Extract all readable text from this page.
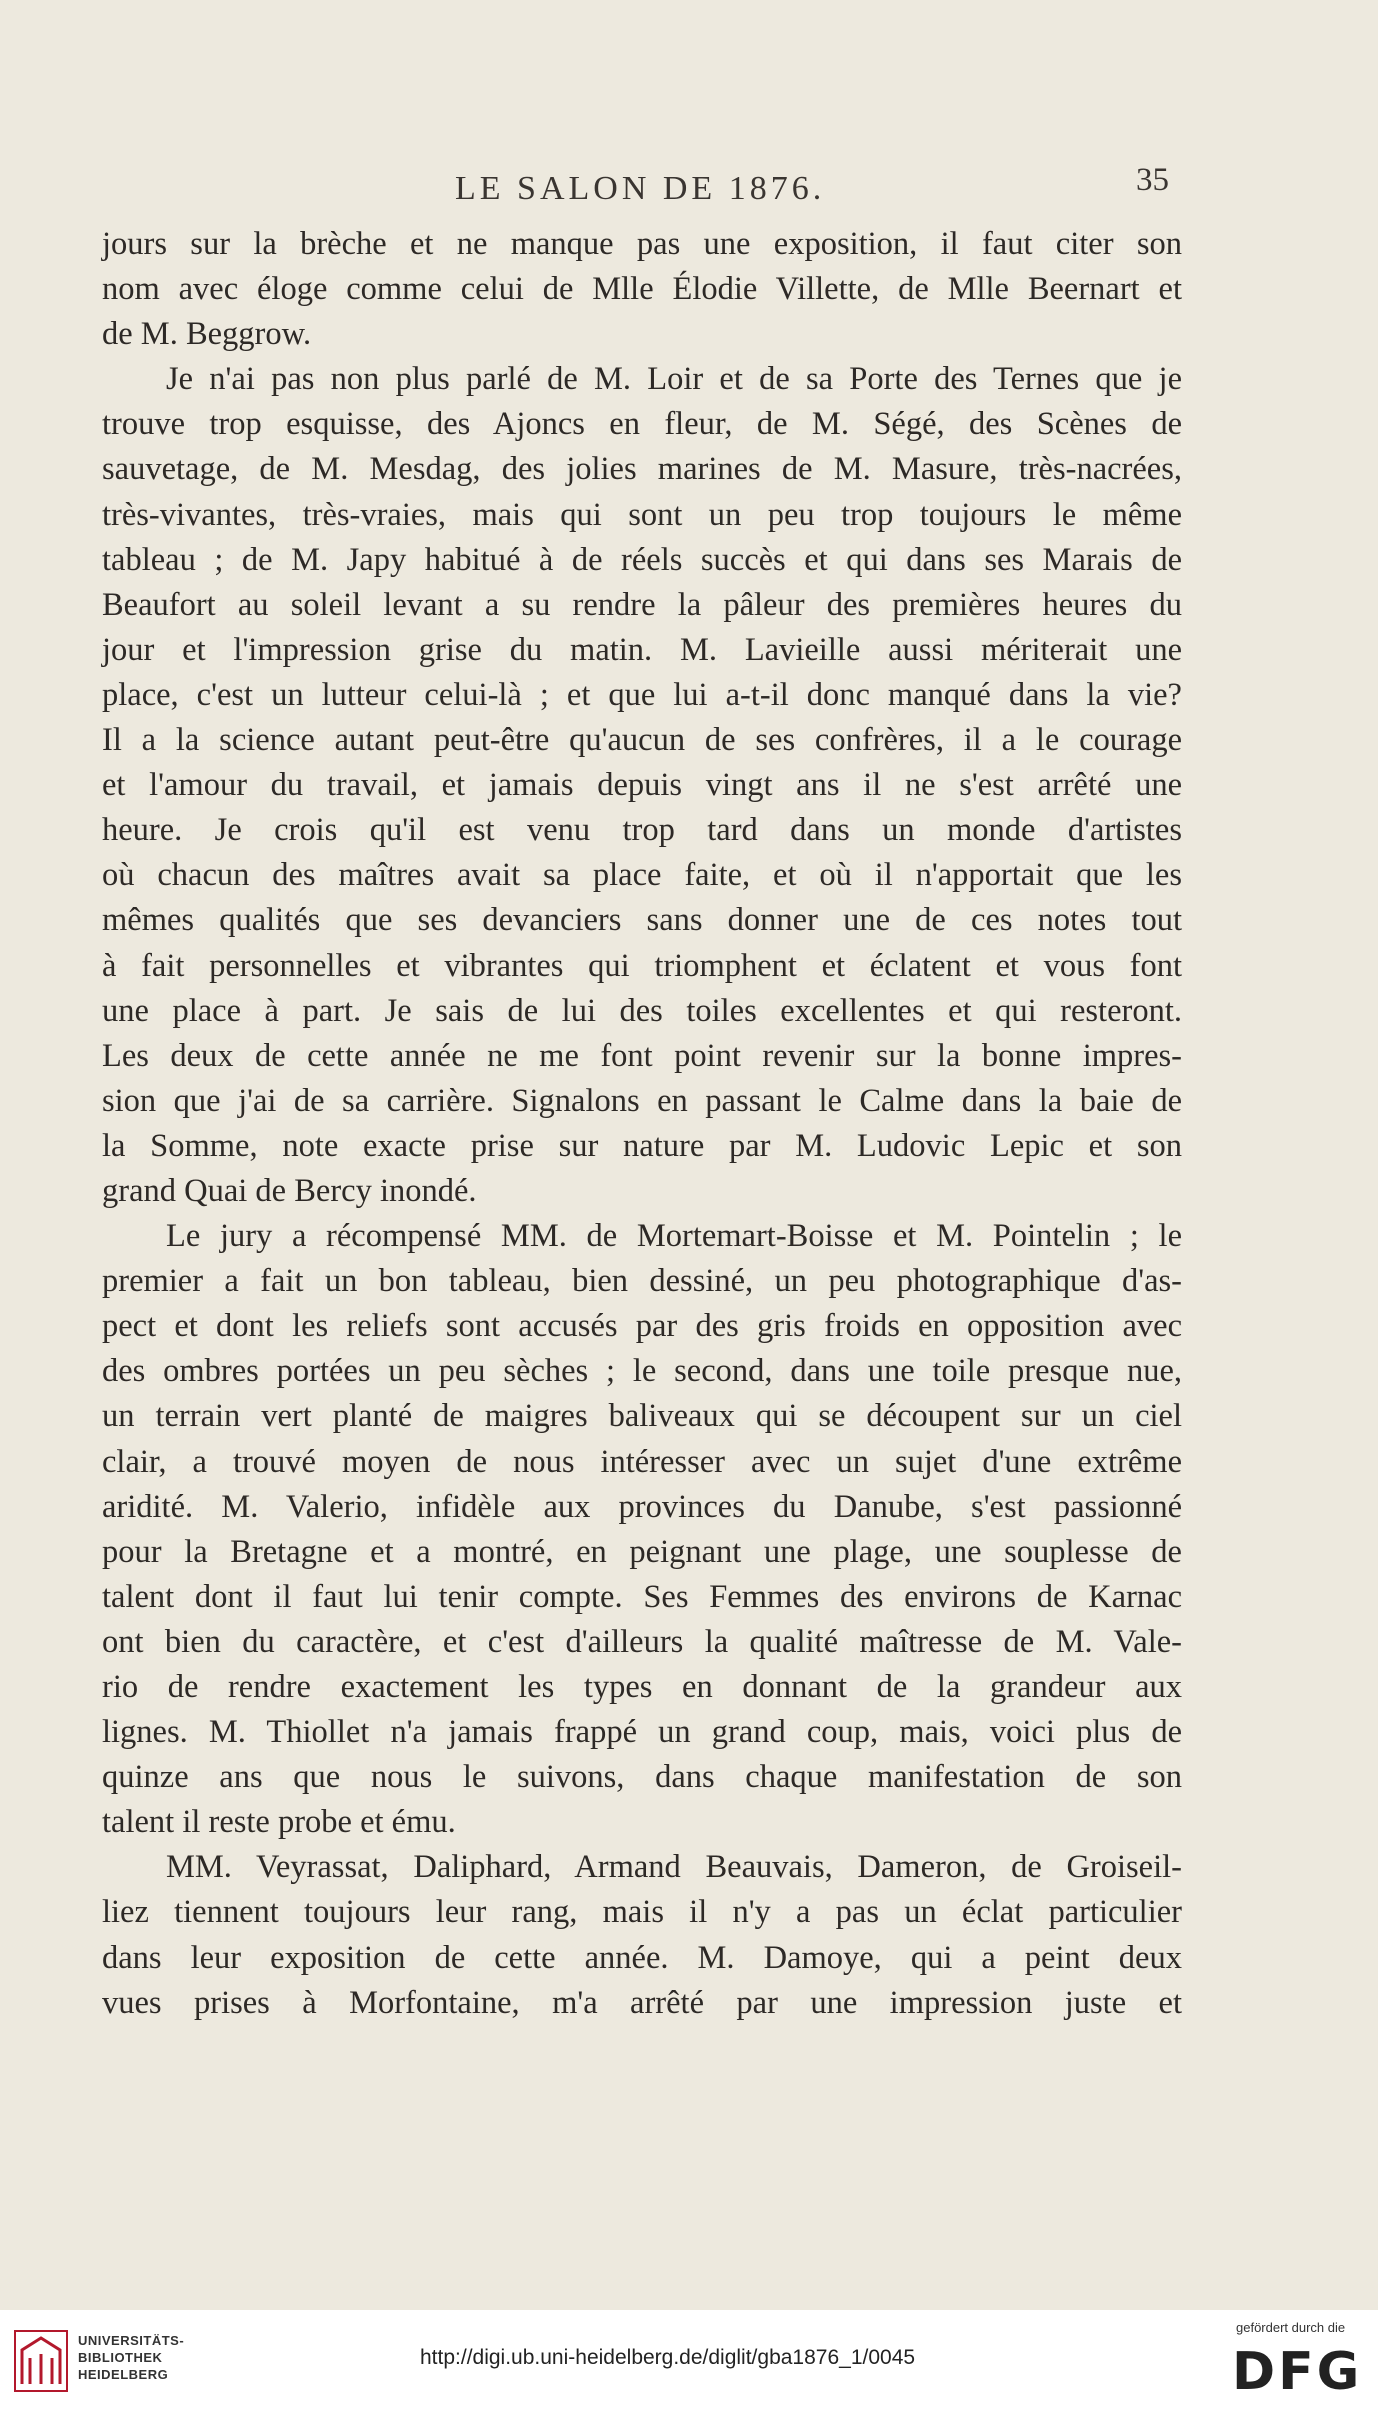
LE SALON DE 1876.	35
jours sur la brèche et ne manque pas une exposition, il faut citer son
nom avec éloge comme celui de Mlle Élodie Villette, de Mlle Beernart et
de M. Beggrow.
Je n'ai pas non plus parlé de M. Loir et de sa Porte des Ternes que je
trouve trop esquisse, des Ajoncs en fleur, de M. Ségé, des Scènes de
sauvetage, de M. Mesdag, des jolies marines de M. Masure, très-nacrées,
très-vivantes, très-vraies, mais qui sont un peu trop toujours le même
tableau ; de M. Japy habitué à de réels succès et qui dans ses Marais de
Beaufort au soleil levant a su rendre la pâleur des premières heures du
jour et l'impression grise du matin. M. Lavieille aussi mériterait une
place, c'est un lutteur celui-là ; et que lui a-t-il donc manqué dans la vie?
Il a la science autant peut-être qu'aucun de ses confrères, il a le courage
et l'amour du travail, et jamais depuis vingt ans il ne s'est arrêté une
heure. Je crois qu'il est venu trop tard dans un monde d'artistes
où chacun des maîtres avait sa place faite, et où il n'apportait que les
mêmes qualités que ses devanciers sans donner une de ces notes tout
à fait personnelles et vibrantes qui triomphent et éclatent et vous font
une place à part. Je sais de lui des toiles excellentes et qui resteront.
Les deux de cette année ne me font point revenir sur la bonne impres-
sion que j'ai de sa carrière. Signalons en passant le Calme dans la baie de
la Somme, note exacte prise sur nature par M. Ludovic Lepic et son
grand Quai de Bercy inondé.
Le jury a récompensé MM. de Mortemart-Boisse et M. Pointelin ; le
premier a fait un bon tableau, bien dessiné, un peu photographique d'as-
pect et dont les reliefs sont accusés par des gris froids en opposition avec
des ombres portées un peu sèches ; le second, dans une toile presque nue,
un terrain vert planté de maigres baliveaux qui se découpent sur un ciel
clair, a trouvé moyen de nous intéresser avec un sujet d'une extrême
aridité. M. Valerio, infidèle aux provinces du Danube, s'est passionné
pour la Bretagne et a montré, en peignant une plage, une souplesse de
talent dont il faut lui tenir compte. Ses Femmes des environs de Karnac
ont bien du caractère, et c'est d'ailleurs la qualité maîtresse de M. Vale-
rio de rendre exactement les types en donnant de la grandeur aux
lignes. M. Thiollet n'a jamais frappé un grand coup, mais, voici plus de
quinze ans que nous le suivons, dans chaque manifestation de son
talent il reste probe et ému.
MM. Veyrassat, Daliphard, Armand Beauvais, Dameron, de Groiseil-
liez tiennent toujours leur rang, mais il n'y a pas un éclat particulier
dans leur exposition de cette année. M. Damoye, qui a peint deux
vues prises à Morfontaine, m'a arrêté par une impression juste et
UNIVERSITÄTS-
BIBLIOTHEK
HEIDELBERG
http://digi.ub.uni-heidelberg.de/diglit/gba1876_1/0045
gefördert durch die
DFG
